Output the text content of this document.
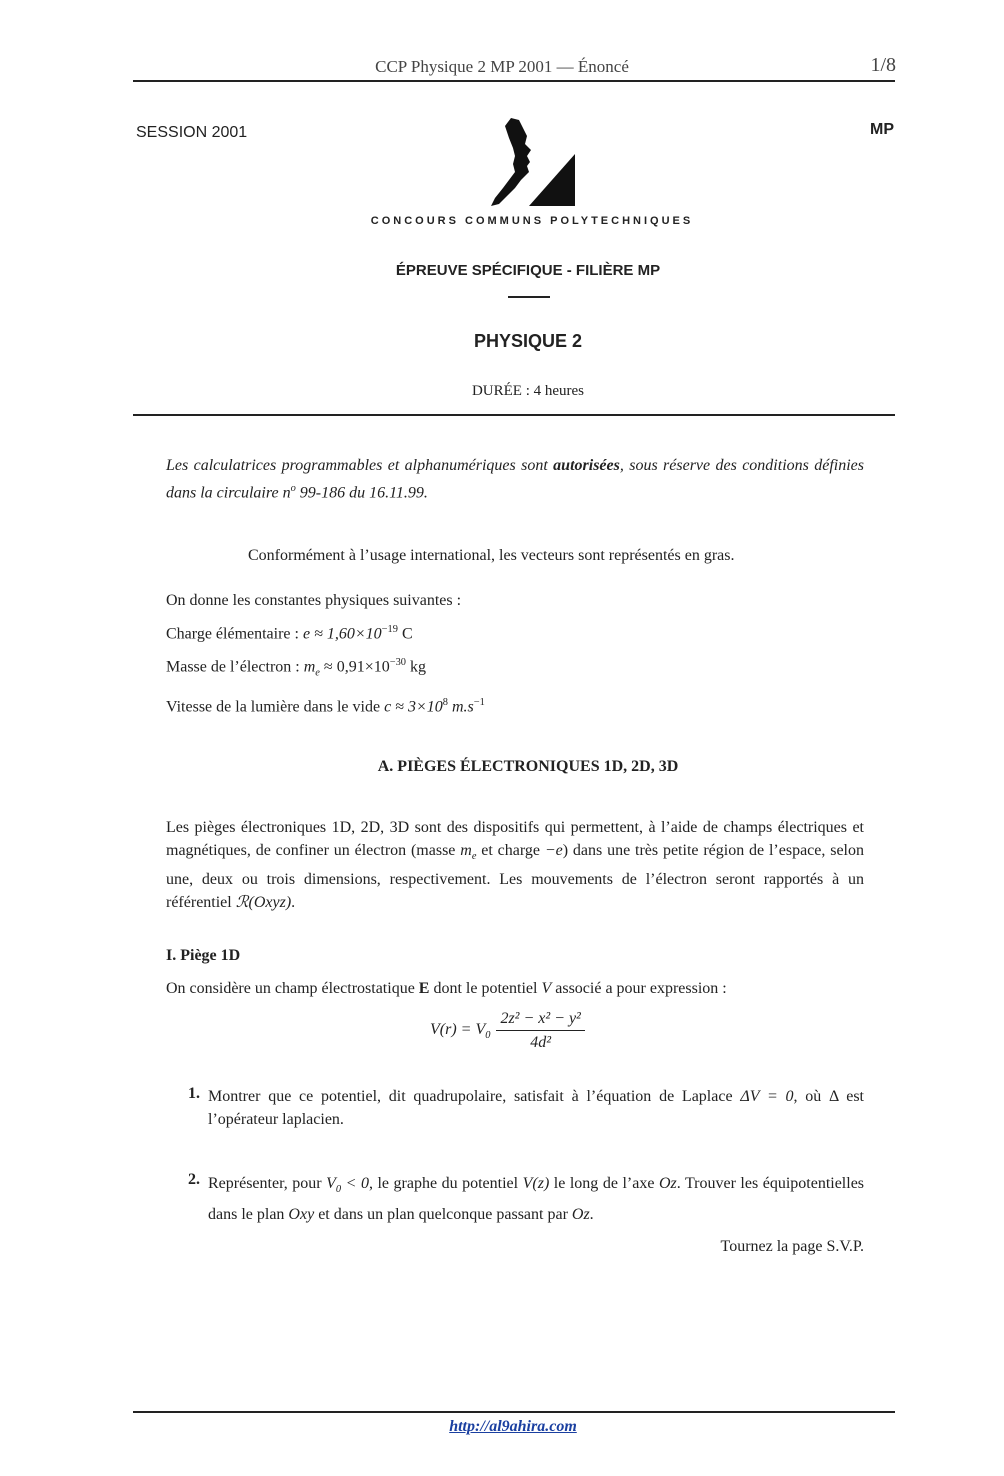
CCP Physique 2 MP 2001 — Énoncé	1/8
SESSION 2001	MP
CONCOURS COMMUNS POLYTECHNIQUES
ÉPREUVE SPÉCIFIQUE - FILIÈRE MP
PHYSIQUE 2
DURÉE : 4 heures
Les calculatrices programmables et alphanumériques sont autorisées, sous réserve des conditions définies dans la circulaire $n^o$ 99-186 du 16.11.99.
Conformément à l’usage international, les vecteurs sont représentés en gras.
On donne les constantes physiques suivantes :
Charge élémentaire : $e \approx 1,60\times 10^{-19}$ C
Masse de l’électron : $m_e \approx 0,91\times 10^{-30}$ kg
Vitesse de la lumière dans le vide $c \approx 3\times 10^8$ $m.s^{-1}$
A. PIÈGES ÉLECTRONIQUES 1D, 2D, 3D
Les pièges électroniques 1D, 2D, 3D sont des dispositifs qui permettent, à l’aide de champs électriques et magnétiques, de confiner un électron (masse $m_e$ et charge −e) dans une très petite région de l’espace, selon une, deux ou trois dimensions, respectivement. Les mouvements de l’électron seront rapportés à un référentiel ℛ(Oxyz).
I. Piège 1D
On considère un champ électrostatique E dont le potentiel V associé a pour expression :
$V(r) = V_0 \frac{\text{2z² − x² − y²}}{\text{4d²}}$
1. Montrer que ce potentiel, dit quadrupolaire, satisfait à l’équation de Laplace ΔV = 0, où Δ est l’opérateur laplacien.
2. Représenter, pour $V_0 < 0$, le graphe du potentiel V(z) le long de l’axe Oz. Trouver les équipotentielles dans le plan Oxy et dans un plan quelconque passant par Oz.
Tournez la page S.V.P.
http://al9ahira.com
